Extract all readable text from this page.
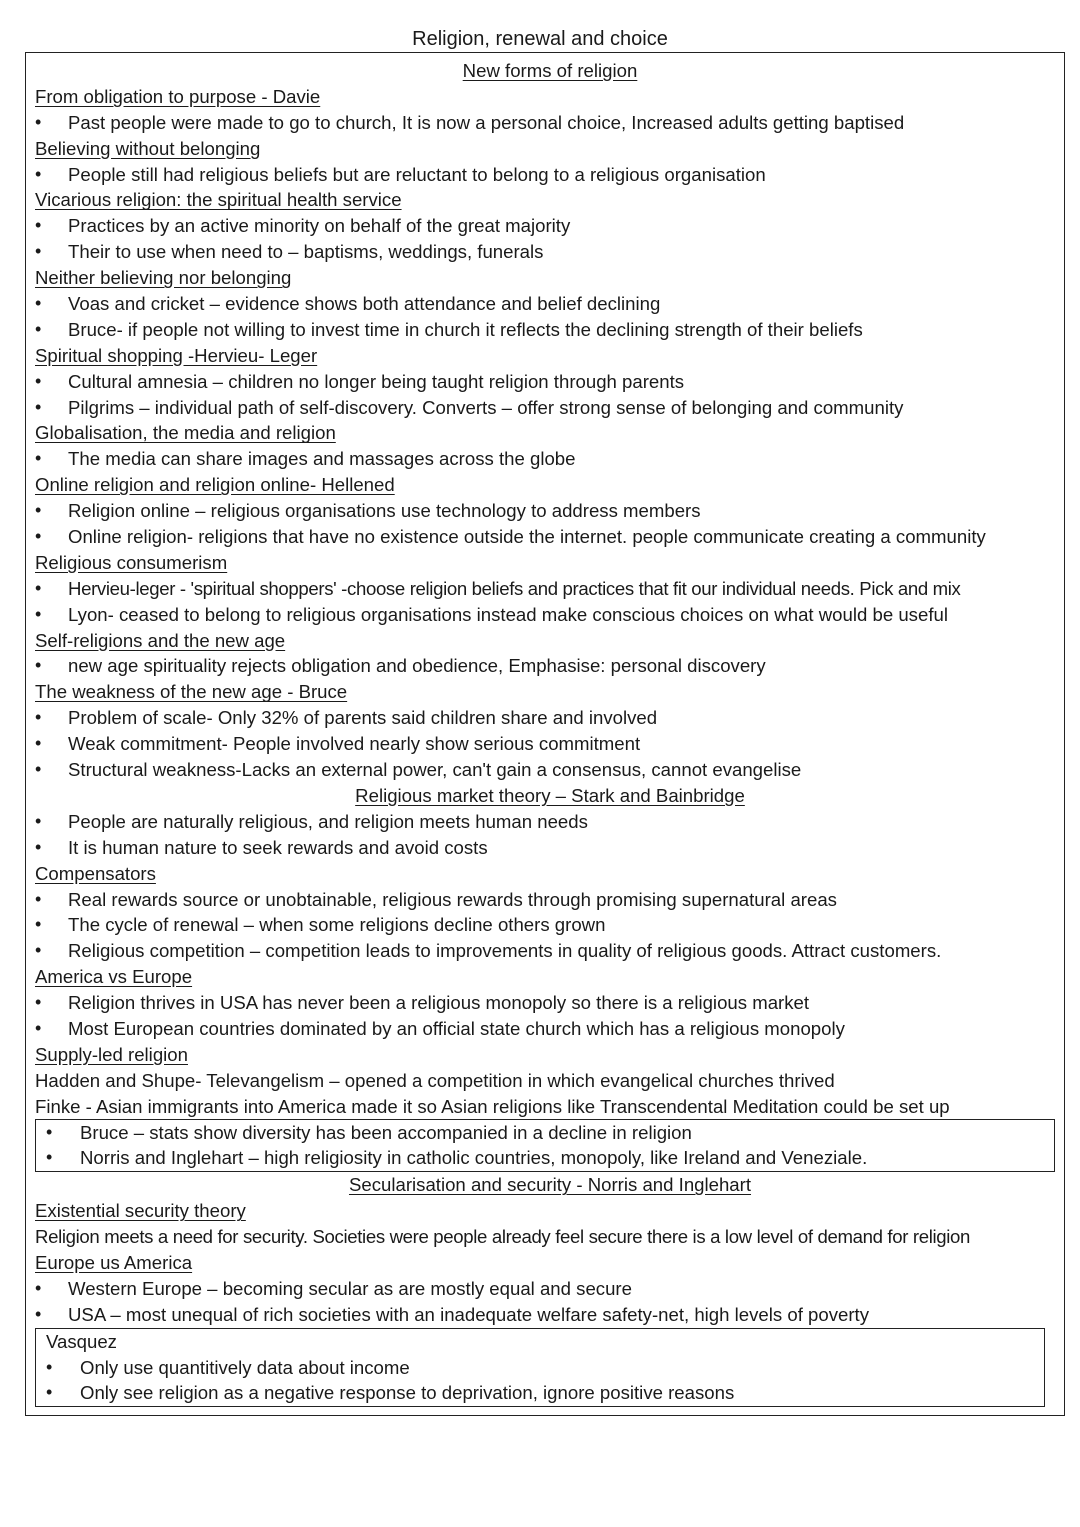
Religion, renewal and choice
New forms of religion
From obligation to purpose - Davie
• Past people were made to go to church, It is now a personal choice, Increased adults getting baptised
Believing without belonging
• People still had religious beliefs but are reluctant to belong to a religious organisation
Vicarious religion: the spiritual health service
• Practices by an active minority on behalf of the great majority
• Their to use when need to – baptisms, weddings, funerals
Neither believing nor belonging
• Voas and cricket – evidence shows both attendance and belief declining
• Bruce- if people not willing to invest time in church it reflects the declining strength of their beliefs
Spiritual shopping -Hervieu- Leger
• Cultural amnesia – children no longer being taught religion through parents
• Pilgrims – individual path of self-discovery. Converts – offer strong sense of belonging and community
Globalisation, the media and religion
• The media can share images and massages across the globe
Online religion and religion online- Hellened
• Religion online – religious organisations use technology to address members
• Online religion- religions that have no existence outside the internet. people communicate creating a community
Religious consumerism
• Hervieu-leger - 'spiritual shoppers' -choose religion beliefs and practices that fit our individual needs. Pick and mix
• Lyon- ceased to belong to religious organisations instead make conscious choices on what would be useful
Self-religions and the new age
• new age spirituality rejects obligation and obedience, Emphasise: personal discovery
The weakness of the new age - Bruce
• Problem of scale- Only 32% of parents said children share and involved
• Weak commitment- People involved nearly show serious commitment
• Structural weakness-Lacks an external power, can't gain a consensus, cannot evangelise
Religious market theory – Stark and Bainbridge
• People are naturally religious, and religion meets human needs
• It is human nature to seek rewards and avoid costs
Compensators
• Real rewards source or unobtainable, religious rewards through promising supernatural areas
• The cycle of renewal – when some religions decline others grown
• Religious competition – competition leads to improvements in quality of religious goods. Attract customers.
America vs Europe
• Religion thrives in USA has never been a religious monopoly so there is a religious market
• Most European countries dominated by an official state church which has a religious monopoly
Supply-led religion
Hadden and Shupe- Televangelism – opened a competition in which evangelical churches thrived
Finke - Asian immigrants into America made it so Asian religions like Transcendental Meditation could be set up
• Bruce – stats show diversity has been accompanied in a decline in religion
• Norris and Inglehart – high religiosity in catholic countries, monopoly, like Ireland and Veneziale.
Secularisation and security - Norris and Inglehart
Existential security theory
Religion meets a need for security. Societies were people already feel secure there is a low level of demand for religion
Europe us America
• Western Europe – becoming secular as are mostly equal and secure
• USA – most unequal of rich societies with an inadequate welfare safety-net, high levels of poverty
Vasquez
• Only use quantitively data about income
• Only see religion as a negative response to deprivation, ignore positive reasons
